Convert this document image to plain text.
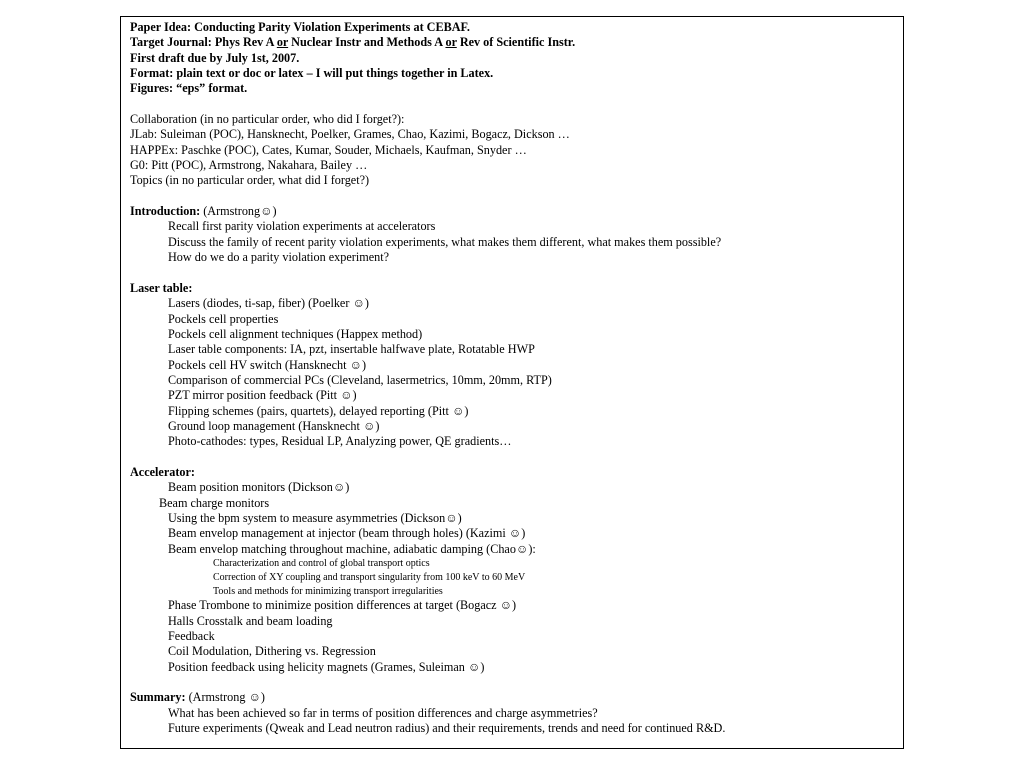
Paper Idea: Conducting Parity Violation Experiments at CEBAF.
Target Journal: Phys Rev A or Nuclear Instr and Methods A or Rev of Scientific Instr.
First draft due by July 1st, 2007.
Format: plain text or doc or latex – I will put things together in Latex.
Figures: “eps” format.
Collaboration (in no particular order, who did I forget?):
JLab: Suleiman (POC), Hansknecht, Poelker, Grames, Chao, Kazimi, Bogacz, Dickson …
HAPPEx: Paschke (POC), Cates, Kumar, Souder, Michaels, Kaufman, Snyder …
G0: Pitt (POC), Armstrong, Nakahara, Bailey …
Topics (in no particular order, what did I forget?)
Introduction: (Armstrong☺)
Recall first parity violation experiments at accelerators
Discuss the family of recent parity violation experiments, what makes them different, what makes them possible?
How do we do a parity violation experiment?
Laser table:
Lasers (diodes, ti-sap, fiber) (Poelker ☺)
Pockels cell properties
Pockels cell alignment techniques (Happex method)
Laser table components: IA, pzt, insertable halfwave plate, Rotatable HWP
Pockels cell HV switch (Hansknecht ☺)
Comparison of commercial PCs (Cleveland, lasermetrics, 10mm, 20mm, RTP)
PZT mirror position feedback (Pitt ☺)
Flipping schemes (pairs, quartets), delayed reporting (Pitt ☺)
Ground loop management (Hansknecht ☺)
Photo-cathodes: types, Residual LP, Analyzing power, QE gradients…
Accelerator:
Beam position monitors (Dickson☺)
Beam charge monitors
Using the bpm system to measure asymmetries (Dickson☺)
Beam envelop management at injector (beam through holes) (Kazimi ☺)
Beam envelop matching throughout machine, adiabatic damping (Chao☺):
Characterization and control of global transport optics
Correction of XY coupling and transport singularity from 100 keV to 60 MeV
Tools and methods for minimizing transport irregularities
Phase Trombone to minimize position differences at target (Bogacz ☺)
Halls Crosstalk and beam loading
Feedback
Coil Modulation, Dithering vs. Regression
Position feedback using helicity magnets (Grames, Suleiman ☺)
Summary: (Armstrong ☺)
What has been achieved so far in terms of position differences and charge asymmetries?
Future experiments (Qweak and Lead neutron radius) and their requirements, trends and need for continued R&D.
